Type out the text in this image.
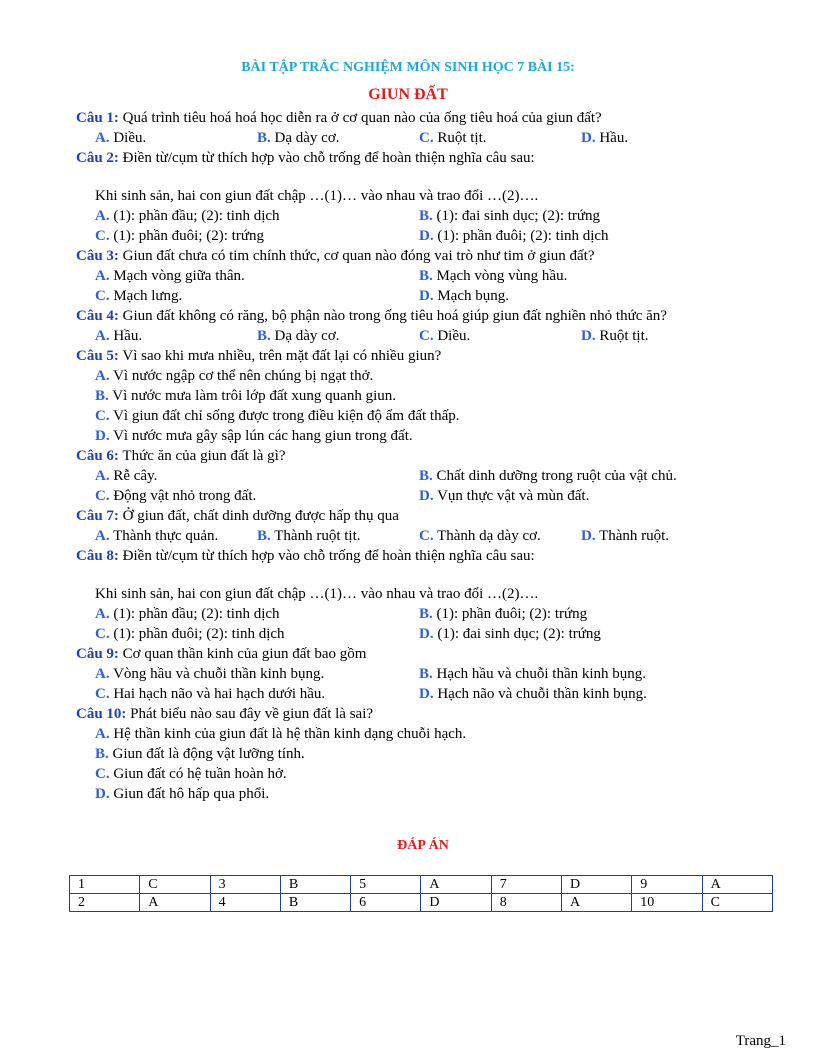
BÀI TẬP TRẮC NGHIỆM MÔN SINH HỌC 7 BÀI 15:
GIUN ĐẤT
Câu 1: Quá trình tiêu hoá hoá học diễn ra ở cơ quan nào của ống tiêu hoá của giun đất?
A. Diều.	B. Dạ dày cơ.	C. Ruột tịt.	D. Hầu.
Câu 2: Điền từ/cụm từ thích hợp vào chỗ trống để hoàn thiện nghĩa câu sau:
Khi sinh sản, hai con giun đất chập …(1)… vào nhau và trao đổi …(2)….
A. (1): phần đầu; (2): tinh dịch	B. (1): đai sinh dục; (2): trứng
C. (1): phần đuôi; (2): trứng	D. (1): phần đuôi; (2): tinh dịch
Câu 3: Giun đất chưa có tim chính thức, cơ quan nào đóng vai trò như tim ở giun đất?
A. Mạch vòng giữa thân.	B. Mạch vòng vùng hầu.
C. Mạch lưng.	D. Mạch bụng.
Câu 4: Giun đất không có răng, bộ phận nào trong ống tiêu hoá giúp giun đất nghiền nhỏ thức ăn?
A. Hầu.	B. Dạ dày cơ.	C. Diều.	D. Ruột tịt.
Câu 5: Vì sao khi mưa nhiều, trên mặt đất lại có nhiều giun?
A. Vì nước ngập cơ thể nên chúng bị ngạt thở.
B. Vì nước mưa làm trôi lớp đất xung quanh giun.
C. Vì giun đất chỉ sống được trong điều kiện độ ẩm đất thấp.
D. Vì nước mưa gây sập lún các hang giun trong đất.
Câu 6: Thức ăn của giun đất là gì?
A. Rễ cây.	B. Chất dinh dưỡng trong ruột của vật chủ.
C. Động vật nhỏ trong đất.	D. Vụn thực vật và mùn đất.
Câu 7: Ở giun đất, chất dinh dưỡng được hấp thụ qua
A. Thành thực quản.	B. Thành ruột tịt.	C. Thành dạ dày cơ.	D. Thành ruột.
Câu 8: Điền từ/cụm từ thích hợp vào chỗ trống để hoàn thiện nghĩa câu sau:
Khi sinh sản, hai con giun đất chập …(1)… vào nhau và trao đổi …(2)….
A. (1): phần đầu; (2): tinh dịch	B. (1): phần đuôi; (2): trứng
C. (1): phần đuôi; (2): tinh dịch	D. (1): đai sinh dục; (2): trứng
Câu 9: Cơ quan thần kinh của giun đất bao gồm
A. Vòng hầu và chuỗi thần kinh bụng.	B. Hạch hầu và chuỗi thần kinh bụng.
C. Hai hạch não và hai hạch dưới hầu.	D. Hạch não và chuỗi thần kinh bụng.
Câu 10: Phát biểu nào sau đây về giun đất là sai?
A. Hệ thần kinh của giun đất là hệ thần kinh dạng chuỗi hạch.
B. Giun đất là động vật lưỡng tính.
C. Giun đất có hệ tuần hoàn hở.
D. Giun đất hô hấp qua phổi.
ĐÁP ÁN
1	C	3	B	5	A	7	D	9	A
2	A	4	B	6	D	8	A	10	C
Trang_1
